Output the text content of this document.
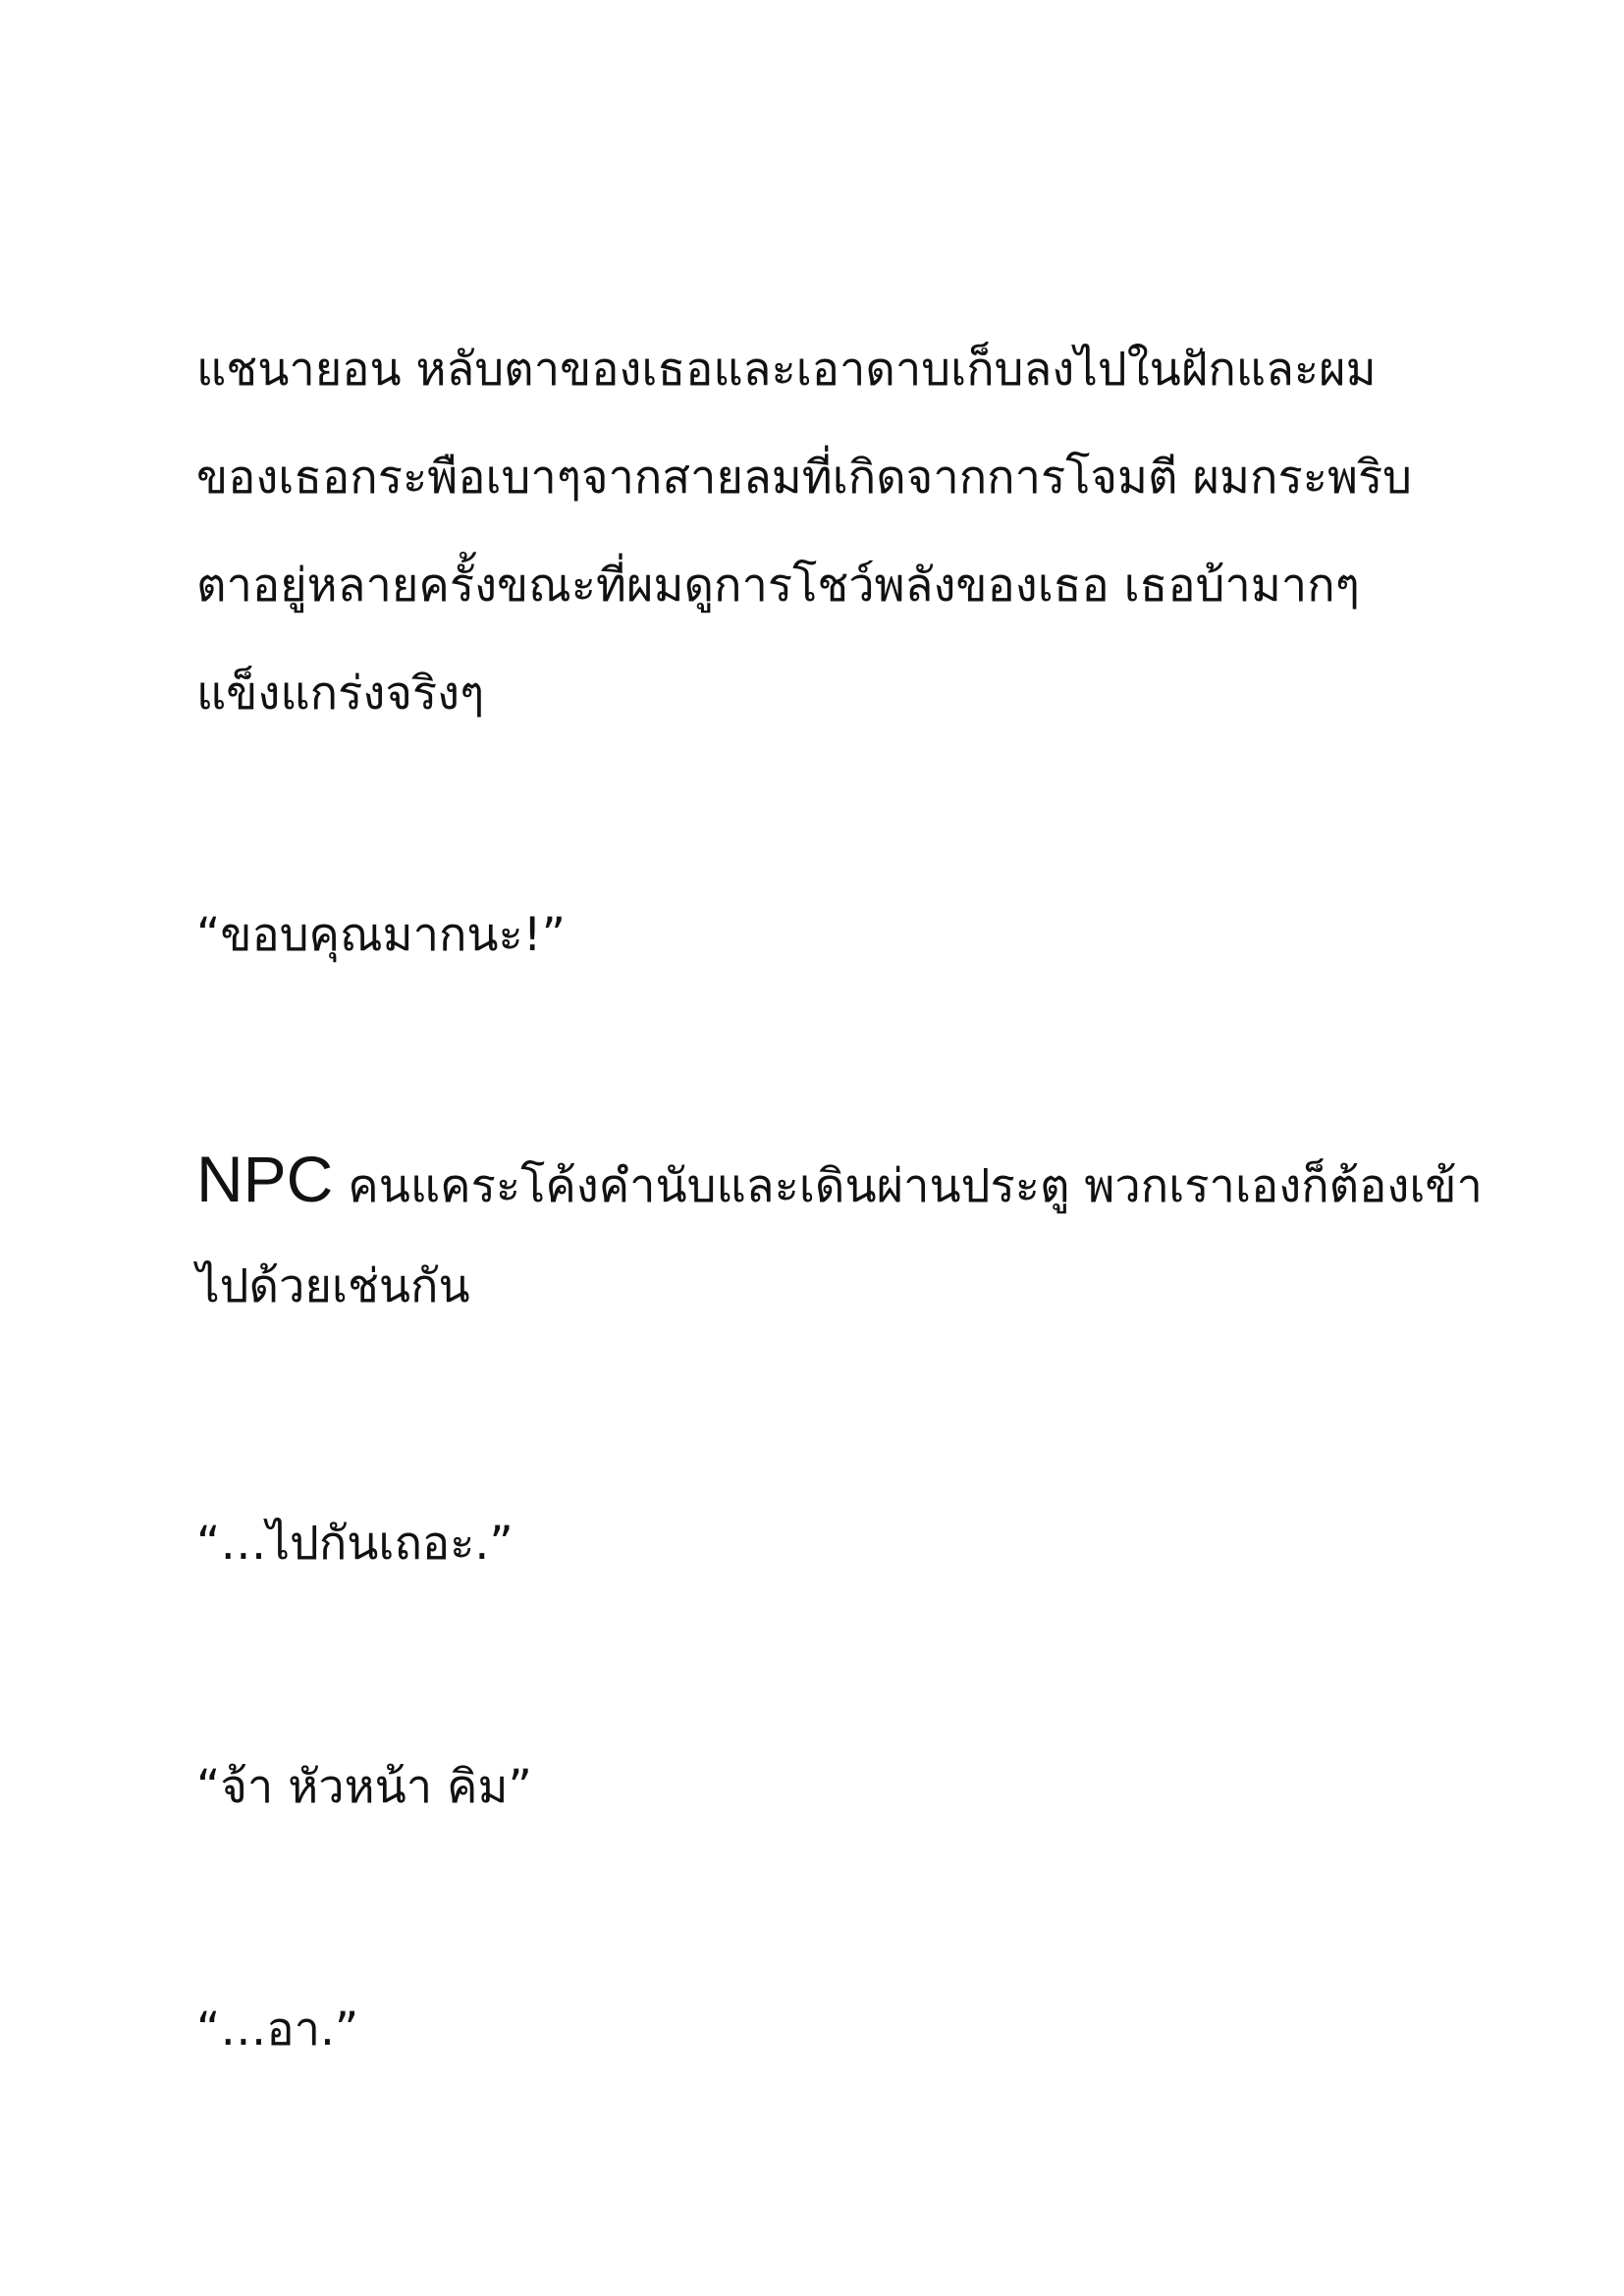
แชนายอน หลับตาของเธอและเอาดาบเก็บลงไปในฝักและผม
ของเธอกระพือเบาๆจากสายลมที่เกิดจากการโจมตี ผมกระพริบ
ตาอยู่หลายครั้งขณะที่ผมดูการโชว์พลังของเธอ เธอบ้ามากๆ
แข็งแกร่งจริงๆ
“ขอบคุณมากนะ!”
NPC คนแคระโค้งคำนับและเดินผ่านประตู พวกเราเองก็ต้องเข้า
ไปด้วยเช่นกัน
“…ไปกันเถอะ.”
“จ้า หัวหน้า คิม”
“…อา.”
